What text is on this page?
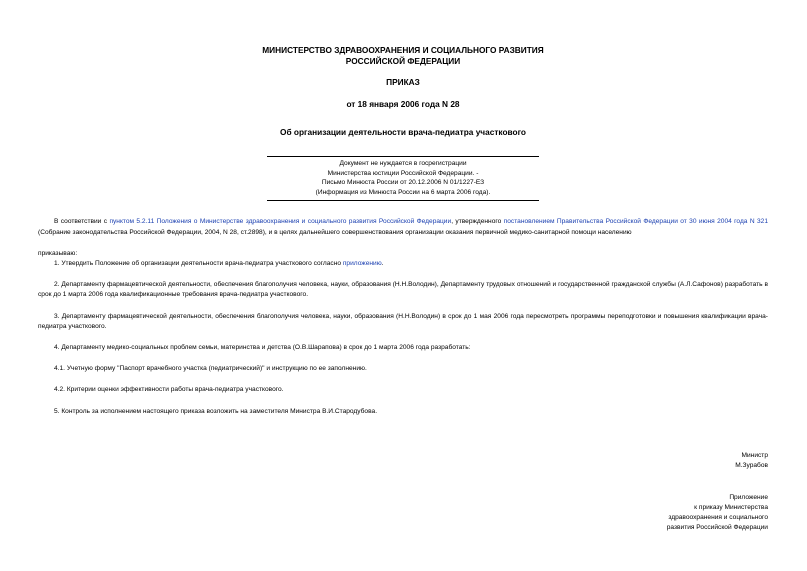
МИНИСТЕРСТВО ЗДРАВООХРАНЕНИЯ И СОЦИАЛЬНОГО РАЗВИТИЯ
РОССИЙСКОЙ ФЕДЕРАЦИИ
ПРИКАЗ
от 18 января 2006 года N 28
Об организации деятельности врача-педиатра участкового
Документ не нуждается в госрегистрации
Министерства юстиции Российской Федерации. -
Письмо Минюста России от 20.12.2006 N 01/1227-ЕЗ
(Информация из Минюста России на 6 марта 2006 года).

В соответствии с пунктом 5.2.11 Положения о Министерстве здравоохранения и социального развития Российской Федерации, утвержденного постановлением Правительства Российской Федерации от 30 июня 2004 года N 321 (Собрание законодательства Российской Федерации, 2004, N 28, ст.2898), и в целях дальнейшего совершенствования организации оказания первичной медико-санитарной помощи населению

приказываю:

1. Утвердить Положение об организации деятельности врача-педиатра участкового согласно приложению.

2. Департаменту фармацевтической деятельности, обеспечения благополучия человека, науки, образования (Н.Н.Володин), Департаменту трудовых отношений и государственной гражданской службы (А.Л.Сафонов) разработать в срок до 1 марта 2006 года квалификационные требования врача-педиатра участкового.

3. Департаменту фармацевтической деятельности, обеспечения благополучия человека, науки, образования (Н.Н.Володин) в срок до 1 мая 2006 года пересмотреть программы переподготовки и повышения квалификации врача-педиатра участкового.

4. Департаменту медико-социальных проблем семьи, материнства и детства (О.В.Шарапова) в срок до 1 марта 2006 года разработать:

4.1. Учетную форму "Паспорт врачебного участка (педиатрический)" и инструкцию по ее заполнению.

4.2. Критерии оценки эффективности работы врача-педиатра участкового.

5. Контроль за исполнением настоящего приказа возложить на заместителя Министра В.И.Стародубова.

Министр
М.Зурабов
Приложение
к приказу Министерства
здравоохранения и социального
развития Российской Федерации
